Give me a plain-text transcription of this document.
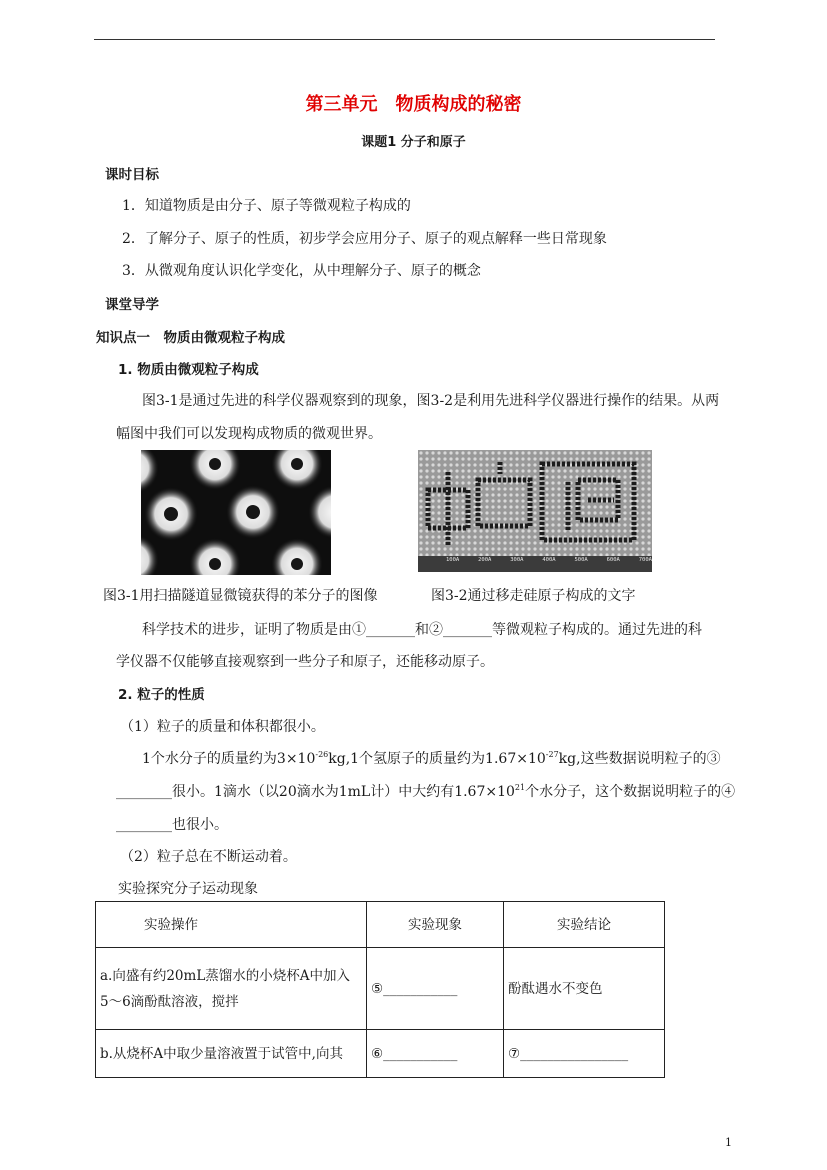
第三单元　物质构成的秘密
课题1 分子和原子
课时目标
1．知道物质是由分子、原子等微观粒子构成的
2．了解分子、原子的性质，初步学会应用分子、原子的观点解释一些日常现象
3．从微观角度认识化学变化，从中理解分子、原子的概念
课堂导学
知识点一　物质由微观粒子构成
1. 物质由微观粒子构成
图3-1是通过先进的科学仪器观察到的现象，图3-2是利用先进科学仪器进行操作的结果。从两
幅图中我们可以发现构成物质的微观世界。
100A	200A	300A	400A	500A	600A	700A
图3-1用扫描隧道显微镜获得的苯分子的图像	图3-2通过移走硅原子构成的文字
科学技术的进步，证明了物质是由①_______和②_______等微观粒子构成的。通过先进的科
学仪器不仅能够直接观察到一些分子和原子，还能移动原子。
2. 粒子的性质
（1）粒子的质量和体积都很小。
1个水分子的质量约为$3\times 10^{-26}kg,1$个氢原子的质量约为$1.67\times 10^{-27}kg$,这些数据说明粒子的③
________很小。1滴水（以20滴水为1mL计）中大约有$1.67\times 10^{21}$个水分子，这个数据说明粒子的④
________也很小。
（2）粒子总在不断运动着。
实验探究分子运动现象
实验操作	实验现象	实验结论

a.向盛有约20mL蒸馏水的小烧杯A中加入
5～6滴酚酞溶液，搅拌	⑤___________	酚酞遇水不变色

b.从烧杯A中取少量溶液置于试管中,向其	⑥___________	⑦________________
1
